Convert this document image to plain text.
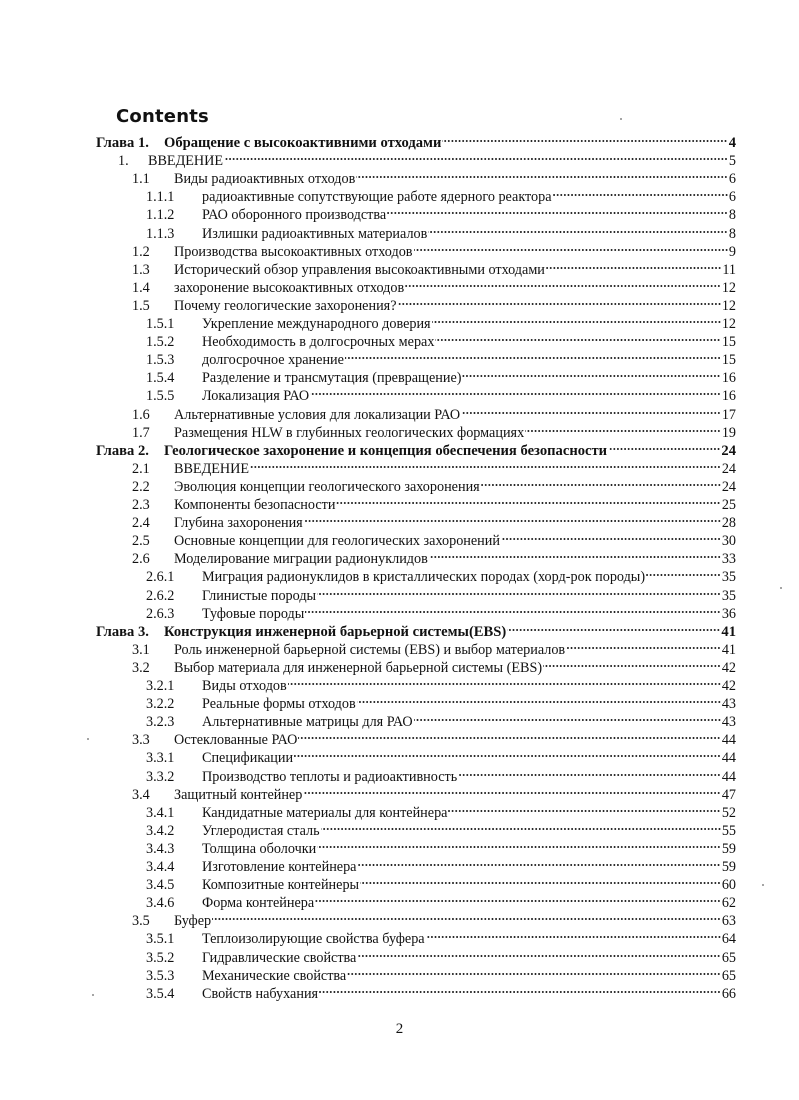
Contents
Глава 1.	Обращение с высокоактивними отходами	4
1.	ВВЕДЕНИЕ	5
1.1	Виды радиоактивных отходов	6
1.1.1	радиоактивные сопутствующие работе ядерного реактора	6
1.1.2	РАО оборонного производства	8
1.1.3	Излишки радиоактивных материалов	8
1.2	Производства высокоактивных отходов	9
1.3	Исторический обзор управления высокоактивными отходами	11
1.4	захоронение высокоактивных отходов	12
1.5	Почему геологические захоронения?	12
1.5.1	Укрепление международного доверия	12
1.5.2	Необходимость в долгосрочных мерах	15
1.5.3	долгосрочное хранение	15
1.5.4	Разделение и трансмутация (превращение)	16
1.5.5	Локализация РАО	16
1.6	Альтернативные условия для локализации РАО	17
1.7	Размещения HLW в глубинных геологических формациях	19
Глава 2.	Геологическое захоронение и концепция обеспечения безопасности	24
2.1	ВВЕДЕНИЕ	24
2.2	Эволюция концепции геологического захоронения	24
2.3	Компоненты безопасности	25
2.4	Глубина захоронения	28
2.5	Основные концепции для геологических захоронений	30
2.6	Моделирование миграции радионуклидов	33
2.6.1	Миграция радионуклидов в кристаллических породах (хорд-рок породы)	35
2.6.2	Глинистые породы	35
2.6.3	Туфовые породы	36
Глава 3.	Конструкция инженерной барьерной системы(EBS)	41
3.1	Роль инженерной барьерной системы (EBS) и выбор материалов	41
3.2	Выбор материала для инженерной барьерной системы (EBS)	42
3.2.1	Виды отходов	42
3.2.2	Реальные формы отходов	43
3.2.3	Альтернативные матрицы для РАО	43
3.3	Остеклованные РАО	44
3.3.1	Спецификации	44
3.3.2	Производство теплоты и радиоактивность	44
3.4	Защитный контейнер	47
3.4.1	Кандидатные материалы для контейнера	52
3.4.2	Углеродистая сталь	55
3.4.3	Толщина оболочки	59
3.4.4	Изготовление контейнера	59
3.4.5	Композитные контейнеры	60
3.4.6	Форма контейнера	62
3.5	Буфер	63
3.5.1	Теплоизолирующие свойства буфера	64
3.5.2	Гидравлические свойства	65
3.5.3	Механические свойства	65
3.5.4	Свойств набухания	66
2
